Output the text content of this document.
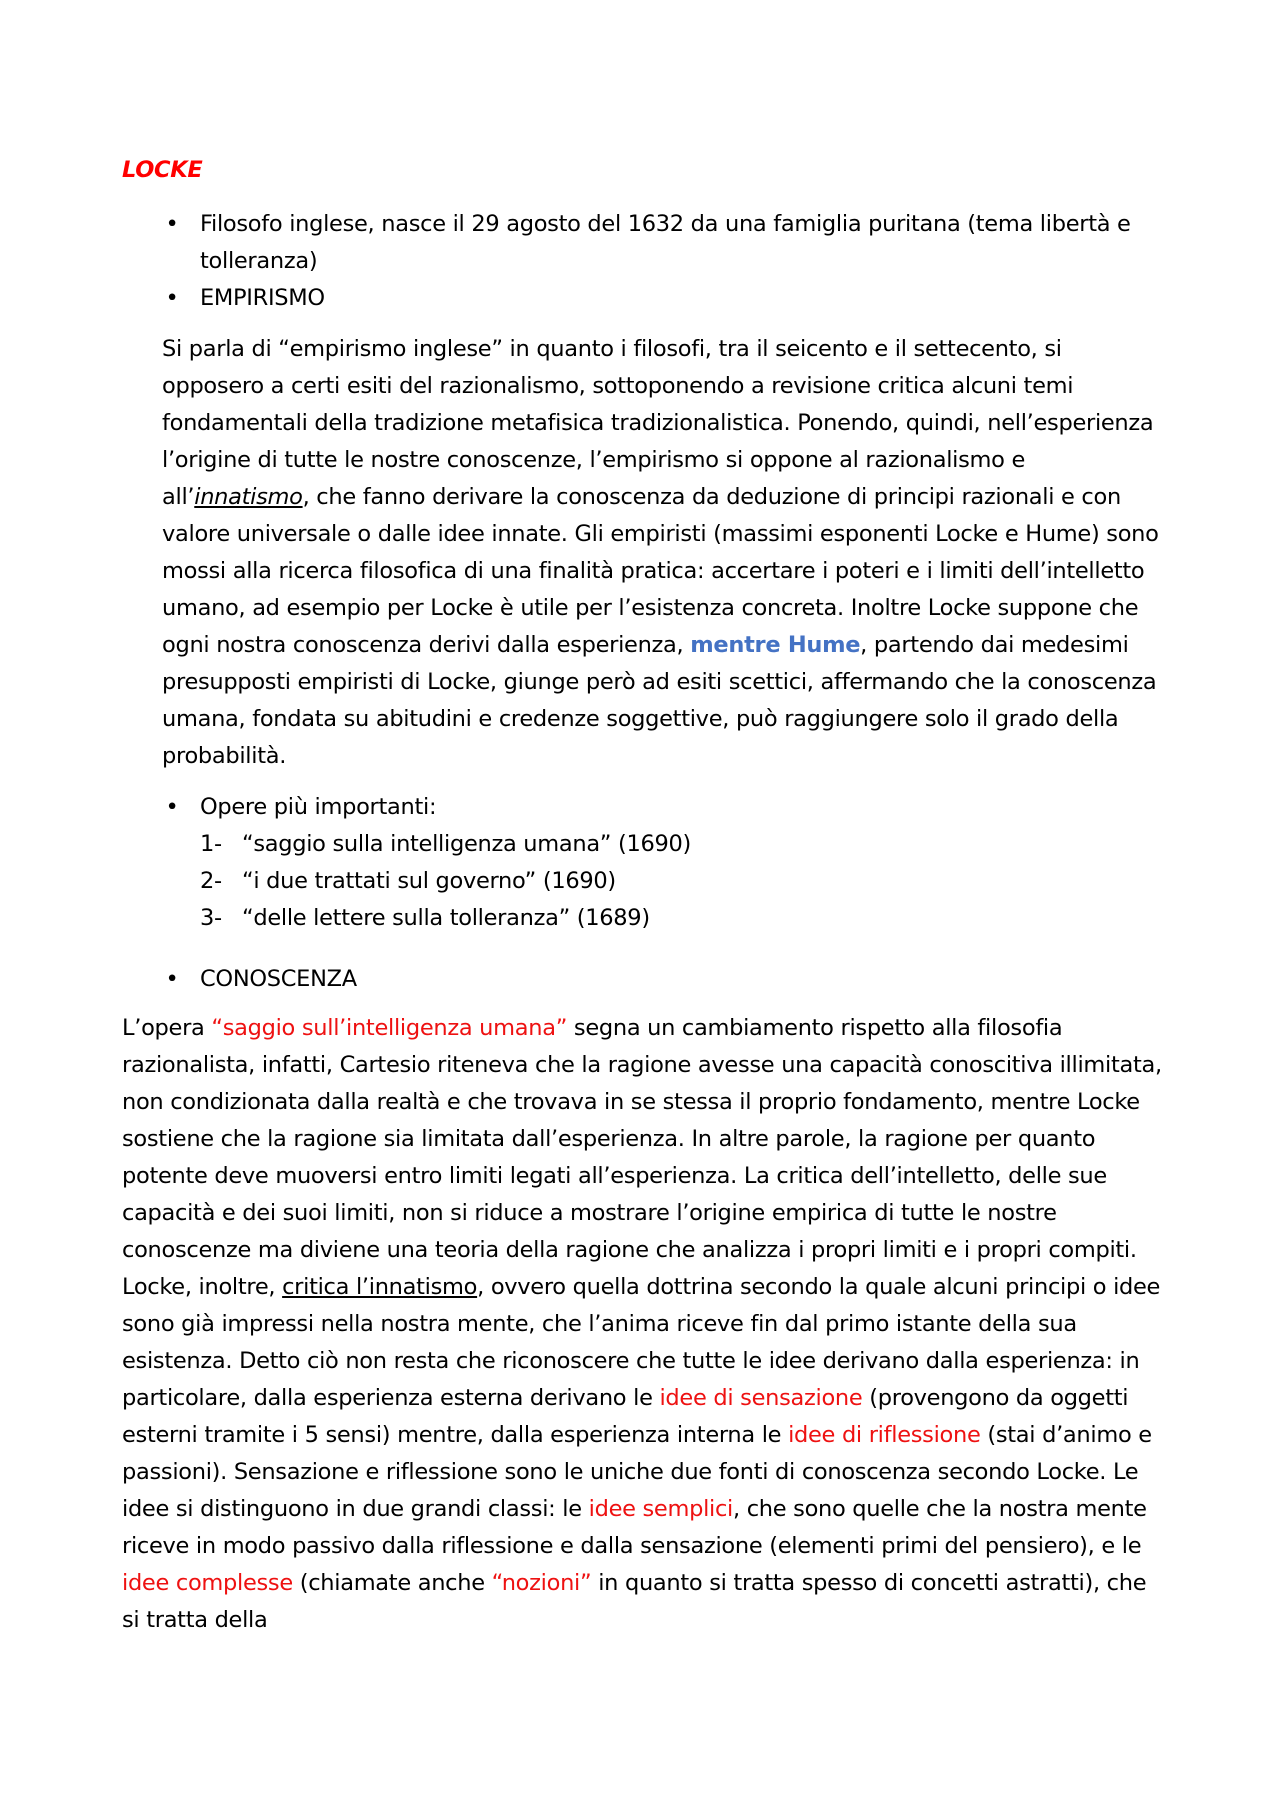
LOCKE
• Filosofo inglese, nasce il 29 agosto del 1632 da una famiglia puritana (tema libertà e tolleranza)
• EMPIRISMO
Si parla di “empirismo inglese” in quanto i filosofi, tra il seicento e il settecento, si opposero a certi esiti del razionalismo, sottoponendo a revisione critica alcuni temi fondamentali della tradizione metafisica tradizionalistica. Ponendo, quindi, nell’esperienza l’origine di tutte le nostre conoscenze, l’empirismo si oppone al razionalismo e all’innatismo, che fanno derivare la conoscenza da deduzione di principi razionali e con valore universale o dalle idee innate. Gli empiristi (massimi esponenti Locke e Hume) sono mossi alla ricerca filosofica di una finalità pratica: accertare i poteri e i limiti dell’intelletto umano, ad esempio per Locke è utile per l’esistenza concreta. Inoltre Locke suppone che ogni nostra conoscenza derivi dalla esperienza, mentre Hume, partendo dai medesimi presupposti empiristi di Locke, giunge però ad esiti scettici, affermando che la conoscenza umana, fondata su abitudini e credenze soggettive, può raggiungere solo il grado della probabilità.
• Opere più importanti:
1- “saggio sulla intelligenza umana” (1690)
2- “i due trattati sul governo” (1690)
3- “delle lettere sulla tolleranza” (1689)
• CONOSCENZA
L’opera “saggio sull’intelligenza umana” segna un cambiamento rispetto alla filosofia razionalista, infatti, Cartesio riteneva che la ragione avesse una capacità conoscitiva illimitata, non condizionata dalla realtà e che trovava in se stessa il proprio fondamento, mentre Locke sostiene che la ragione sia limitata dall’esperienza. In altre parole, la ragione per quanto potente deve muoversi entro limiti legati all’esperienza. La critica dell’intelletto, delle sue capacità e dei suoi limiti, non si riduce a mostrare l’origine empirica di tutte le nostre conoscenze ma diviene una teoria della ragione che analizza i propri limiti e i propri compiti. Locke, inoltre, critica l’innatismo, ovvero quella dottrina secondo la quale alcuni principi o idee sono già impressi nella nostra mente, che l’anima riceve fin dal primo istante della sua esistenza. Detto ciò non resta che riconoscere che tutte le idee derivano dalla esperienza: in particolare, dalla esperienza esterna derivano le idee di sensazione (provengono da oggetti esterni tramite i 5 sensi) mentre, dalla esperienza interna le idee di riflessione (stai d’animo e passioni). Sensazione e riflessione sono le uniche due fonti di conoscenza secondo Locke. Le idee si distinguono in due grandi classi: le idee semplici, che sono quelle che la nostra mente riceve in modo passivo dalla riflessione e dalla sensazione (elementi primi del pensiero), e le idee complesse (chiamate anche “nozioni” in quanto si tratta spesso di concetti astratti), che si tratta della
